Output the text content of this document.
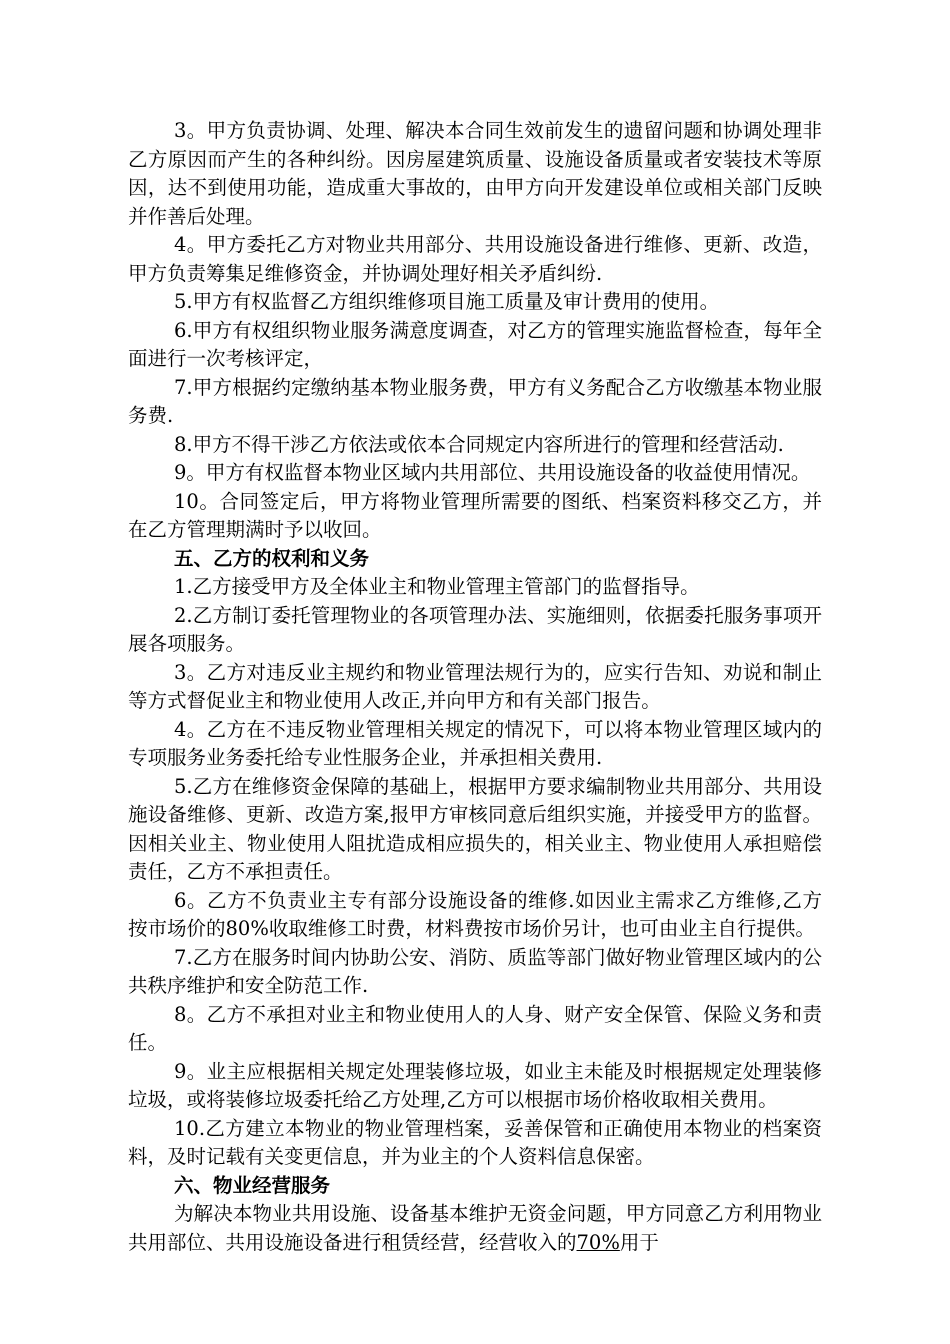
3。甲方负责协调、处理、解决本合同生效前发生的遗留问题和协调处理非乙方原因而产生的各种纠纷。因房屋建筑质量、设施设备质量或者安装技术等原因，达不到使用功能，造成重大事故的，由甲方向开发建设单位或相关部门反映并作善后处理。

4。甲方委托乙方对物业共用部分、共用设施设备进行维修、更新、改造，甲方负责筹集足维修资金，并协调处理好相关矛盾纠纷.

5.甲方有权监督乙方组织维修项目施工质量及审计费用的使用。

6.甲方有权组织物业服务满意度调查，对乙方的管理实施监督检查，每年全面进行一次考核评定，

7.甲方根据约定缴纳基本物业服务费，甲方有义务配合乙方收缴基本物业服务费.

8.甲方不得干涉乙方依法或依本合同规定内容所进行的管理和经营活动.

9。甲方有权监督本物业区域内共用部位、共用设施设备的收益使用情况。

10。合同签定后，甲方将物业管理所需要的图纸、档案资料移交乙方，并在乙方管理期满时予以收回。

五、乙方的权利和义务

1.乙方接受甲方及全体业主和物业管理主管部门的监督指导。

2.乙方制订委托管理物业的各项管理办法、实施细则，依据委托服务事项开展各项服务。

3。乙方对违反业主规约和物业管理法规行为的，应实行告知、劝说和制止等方式督促业主和物业使用人改正,并向甲方和有关部门报告。

4。乙方在不违反物业管理相关规定的情况下，可以将本物业管理区域内的专项服务业务委托给专业性服务企业，并承担相关费用.

5.乙方在维修资金保障的基础上，根据甲方要求编制物业共用部分、共用设施设备维修、更新、改造方案,报甲方审核同意后组织实施，并接受甲方的监督。因相关业主、物业使用人阻扰造成相应损失的，相关业主、物业使用人承担赔偿责任，乙方不承担责任。

6。乙方不负责业主专有部分设施设备的维修.如因业主需求乙方维修,乙方按市场价的80%收取维修工时费，材料费按市场价另计，也可由业主自行提供。

7.乙方在服务时间内协助公安、消防、质监等部门做好物业管理区域内的公共秩序维护和安全防范工作.

8。乙方不承担对业主和物业使用人的人身、财产安全保管、保险义务和责任。

9。业主应根据相关规定处理装修垃圾，如业主未能及时根据规定处理装修垃圾，或将装修垃圾委托给乙方处理,乙方可以根据市场价格收取相关费用。

10.乙方建立本物业的物业管理档案，妥善保管和正确使用本物业的档案资料，及时记载有关变更信息，并为业主的个人资料信息保密。

六、物业经营服务

为解决本物业共用设施、设备基本维护无资金问题，甲方同意乙方利用物业共用部位、共用设施设备进行租赁经营，经营收入的70%用于
